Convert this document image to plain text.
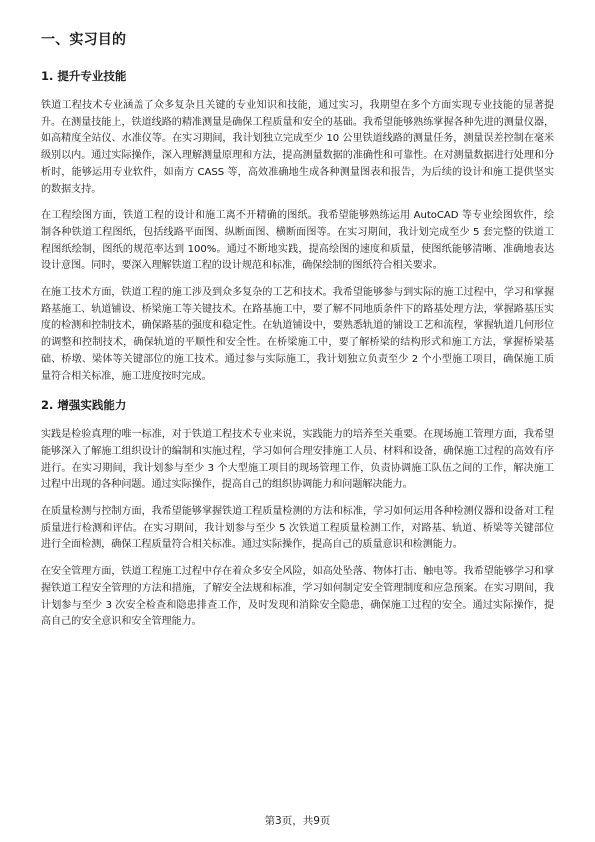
一、实习目的
1. 提升专业技能

铁道工程技术专业涵盖了众多复杂且关键的专业知识和技能，通过实习，我期望在多个方面实现专业技能的显著提升。在测量技能上，铁道线路的精准测量是确保工程质量和安全的基础。我希望能够熟练掌握各种先进的测量仪器，如高精度全站仪、水准仪等。在实习期间，我计划独立完成至少 10 公里铁道线路的测量任务，测量误差控制在毫米级别以内。通过实际操作，深入理解测量原理和方法，提高测量数据的准确性和可靠性。在对测量数据进行处理和分析时，能够运用专业软件，如南方 CASS 等，高效准确地生成各种测量图表和报告，为后续的设计和施工提供坚实的数据支持。

在工程绘图方面，铁道工程的设计和施工离不开精确的图纸。我希望能够熟练运用 AutoCAD 等专业绘图软件，绘制各种铁道工程图纸，包括线路平面图、纵断面图、横断面图等。在实习期间，我计划完成至少 5 套完整的铁道工程图纸绘制，图纸的规范率达到 100%。通过不断地实践，提高绘图的速度和质量，使图纸能够清晰、准确地表达设计意图。同时，要深入理解铁道工程的设计规范和标准，确保绘制的图纸符合相关要求。

在施工技术方面，铁道工程的施工涉及到众多复杂的工艺和技术。我希望能够参与到实际的施工过程中，学习和掌握路基施工、轨道铺设、桥梁施工等关键技术。在路基施工中，要了解不同地质条件下的路基处理方法，掌握路基压实度的检测和控制技术，确保路基的强度和稳定性。在轨道铺设中，要熟悉轨道的铺设工艺和流程，掌握轨道几何形位的调整和控制技术，确保轨道的平顺性和安全性。在桥梁施工中，要了解桥梁的结构形式和施工方法，掌握桥梁基础、桥墩、梁体等关键部位的施工技术。通过参与实际施工，我计划独立负责至少 2 个小型施工项目，确保施工质量符合相关标准，施工进度按时完成。

2. 增强实践能力

实践是检验真理的唯一标准，对于铁道工程技术专业来说，实践能力的培养至关重要。在现场施工管理方面，我希望能够深入了解施工组织设计的编制和实施过程，学习如何合理安排施工人员、材料和设备，确保施工过程的高效有序进行。在实习期间，我计划参与至少 3 个大型施工项目的现场管理工作，负责协调施工队伍之间的工作，解决施工过程中出现的各种问题。通过实际操作，提高自己的组织协调能力和问题解决能力。

在质量检测与控制方面，我希望能够掌握铁道工程质量检测的方法和标准，学习如何运用各种检测仪器和设备对工程质量进行检测和评估。在实习期间，我计划参与至少 5 次铁道工程质量检测工作，对路基、轨道、桥梁等关键部位进行全面检测，确保工程质量符合相关标准。通过实际操作，提高自己的质量意识和检测能力。

在安全管理方面，铁道工程施工过程中存在着众多安全风险，如高处坠落、物体打击、触电等。我希望能够学习和掌握铁道工程安全管理的方法和措施，了解安全法规和标准，学习如何制定安全管理制度和应急预案。在实习期间，我计划参与至少 3 次安全检查和隐患排查工作，及时发现和消除安全隐患，确保施工过程的安全。通过实际操作，提高自己的安全意识和安全管理能力。

第3页，共9页
